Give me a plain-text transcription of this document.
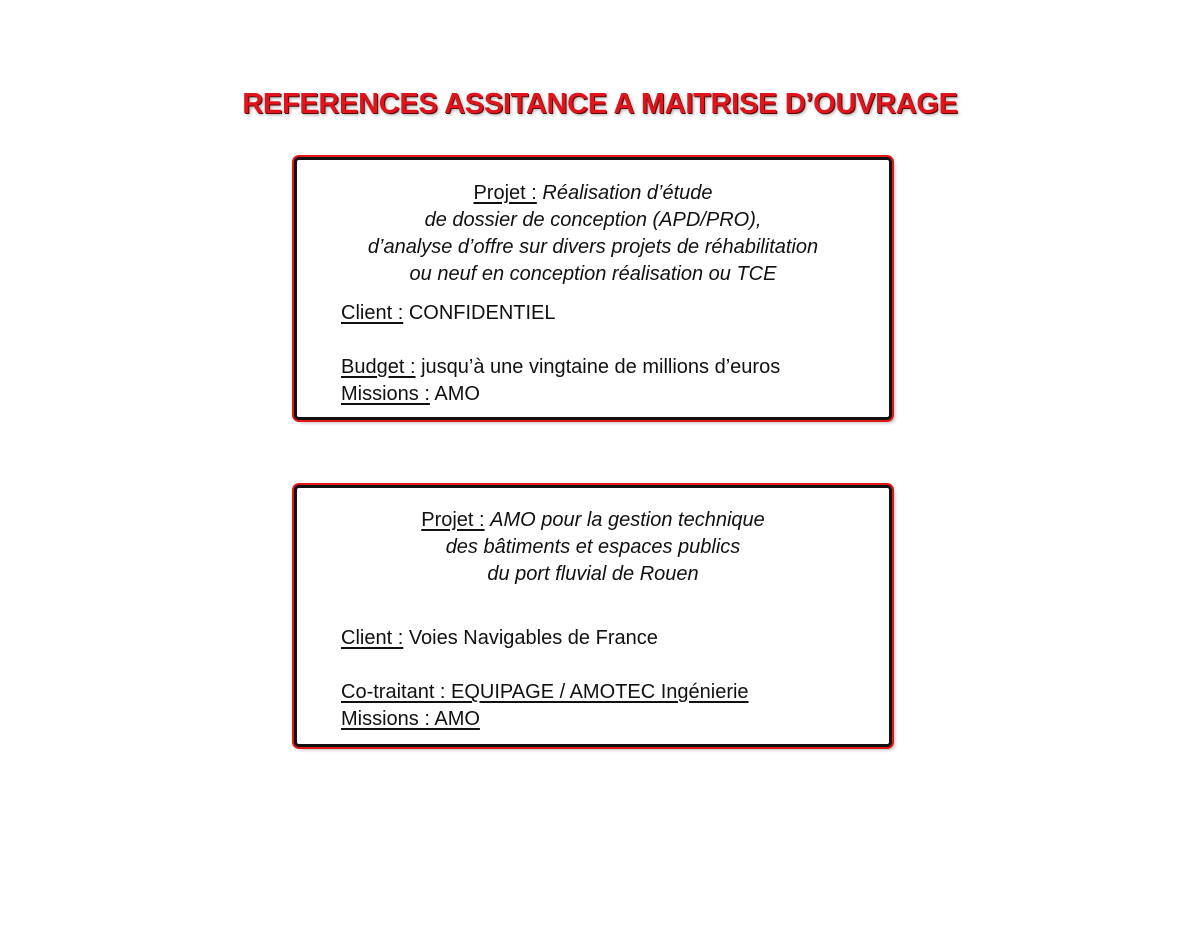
REFERENCES ASSITANCE A MAITRISE D’OUVRAGE
Projet : Réalisation d’étude
de dossier de conception (APD/PRO),
d’analyse d’offre sur divers projets de réhabilitation
ou neuf en conception réalisation ou TCE
Client : CONFIDENTIEL
Budget : jusqu’à une vingtaine de millions d’euros
Missions : AMO
Projet : AMO pour la gestion technique
des bâtiments et espaces publics
du port fluvial de Rouen
Client : Voies Navigables de France
Co-traitant : EQUIPAGE / AMOTEC Ingénierie
Missions : AMO
